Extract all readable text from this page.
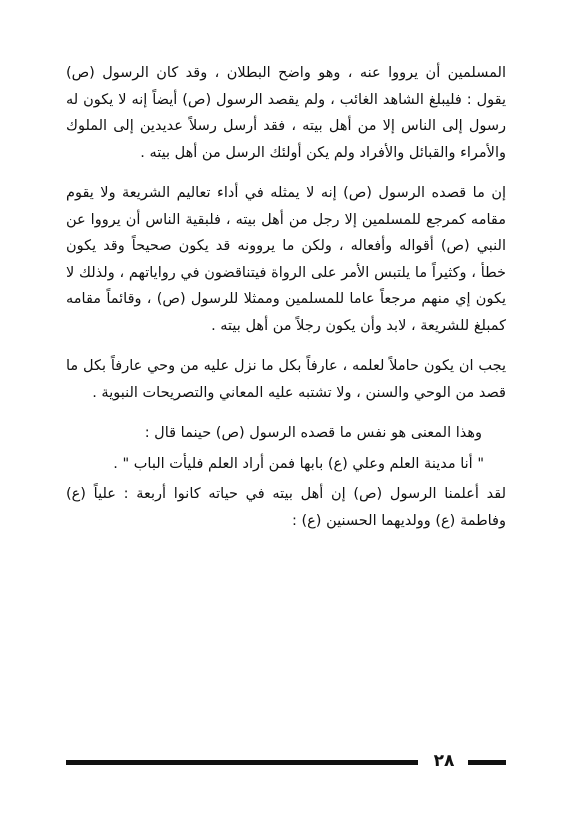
المسلمين أن يرووا عنه ، وهو واضح البطلان ، وقد كان الرسول (ص) يقول : فليبلغ الشاهد الغائب ، ولم يقصد الرسول (ص) أيضاً إنه لا يكون له رسول إلى الناس إلا من أهل بيته ، فقد أرسل رسلاً عديدين إلى الملوك والأمراء والقبائل والأفراد ولم يكن أولئك الرسل من أهل بيته .

إن ما قصده الرسول (ص) إنه لا يمثله في أداء تعاليم الشريعة ولا يقوم مقامه كمرجع للمسلمين إلا رجل من أهل بيته ، فلبقية الناس أن يرووا عن النبي (ص) أقواله وأفعاله ، ولكن ما يروونه قد يكون صحيحاً وقد يكون خطأ ، وكثيراً ما يلتبس الأمر على الرواة فيتناقضون في رواياتهم ، ولذلك لا يكون إي منهم مرجعاً عاما للمسلمين وممثلا للرسول (ص) ، وقائماً مقامه كمبلغ للشريعة ، لابد وأن يكون رجلاً من أهل بيته .

يجب ان يكون حاملاً لعلمه ، عارفاً بكل ما نزل عليه من وحي عارفاً بكل ما قصد من الوحي والسنن ، ولا تشتبه عليه المعاني والتصريحات النبوية .

وهذا المعنى هو نفس ما قصده الرسول (ص) حينما قال :

" أنا مدينة العلم وعلي (ع) بابها فمن أراد العلم فليأت الباب " .

لقد أعلمنا الرسول (ص) إن أهل بيته في حياته كانوا أربعة : علياً (ع) وفاطمة (ع) وولديهما الحسنين (ع) :

٢٨
